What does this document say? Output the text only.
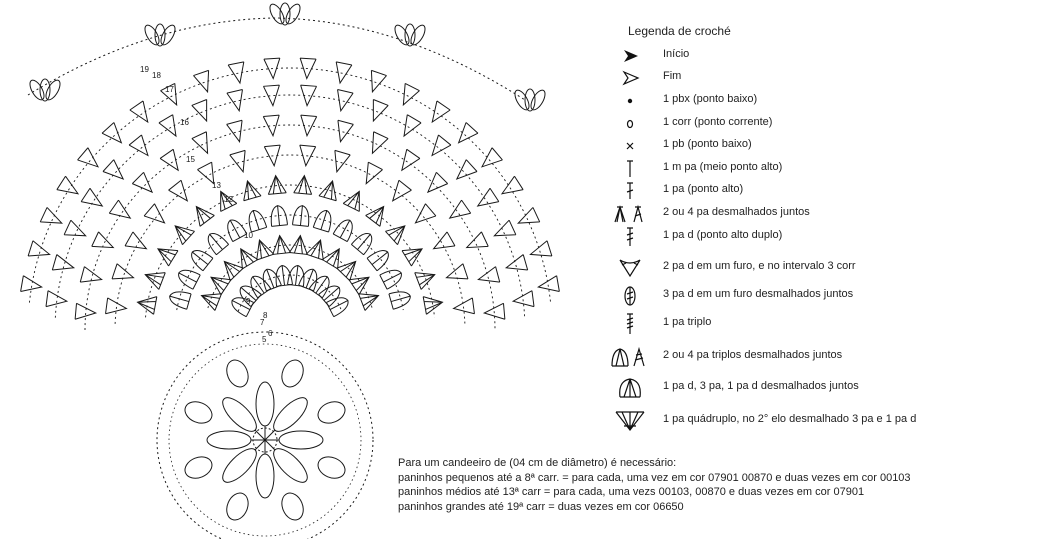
5
6
7
8
9
10
12
13
15
16
17
18
19
Legenda de croché
Início
Fim
1 pbx (ponto baixo)
1 corr (ponto corrente)
1 pb (ponto baixo)
1 m pa (meio ponto alto)
1 pa (ponto alto)
2 ou 4 pa desmalhados juntos
1 pa d (ponto alto duplo)
2 pa d em um furo, e no intervalo 3 corr
3 pa d em um furo desmalhados juntos
1 pa triplo
2 ou 4 pa triplos desmalhados juntos
1 pa d, 3 pa, 1 pa d desmalhados juntos
1 pa quádruplo, no 2° elo desmalhado 3 pa e 1 pa d
Para um candeeiro de (04 cm de diâmetro) é necessário:
paninhos pequenos até a 8ª carr. = para cada, uma vez em cor 07901 00870 e duas vezes em cor 00103
paninhos médios até 13ª carr = para cada, uma vezs 00103, 00870 e duas vezes em cor 07901
paninhos grandes até 19ª carr = duas vezes em cor 06650
